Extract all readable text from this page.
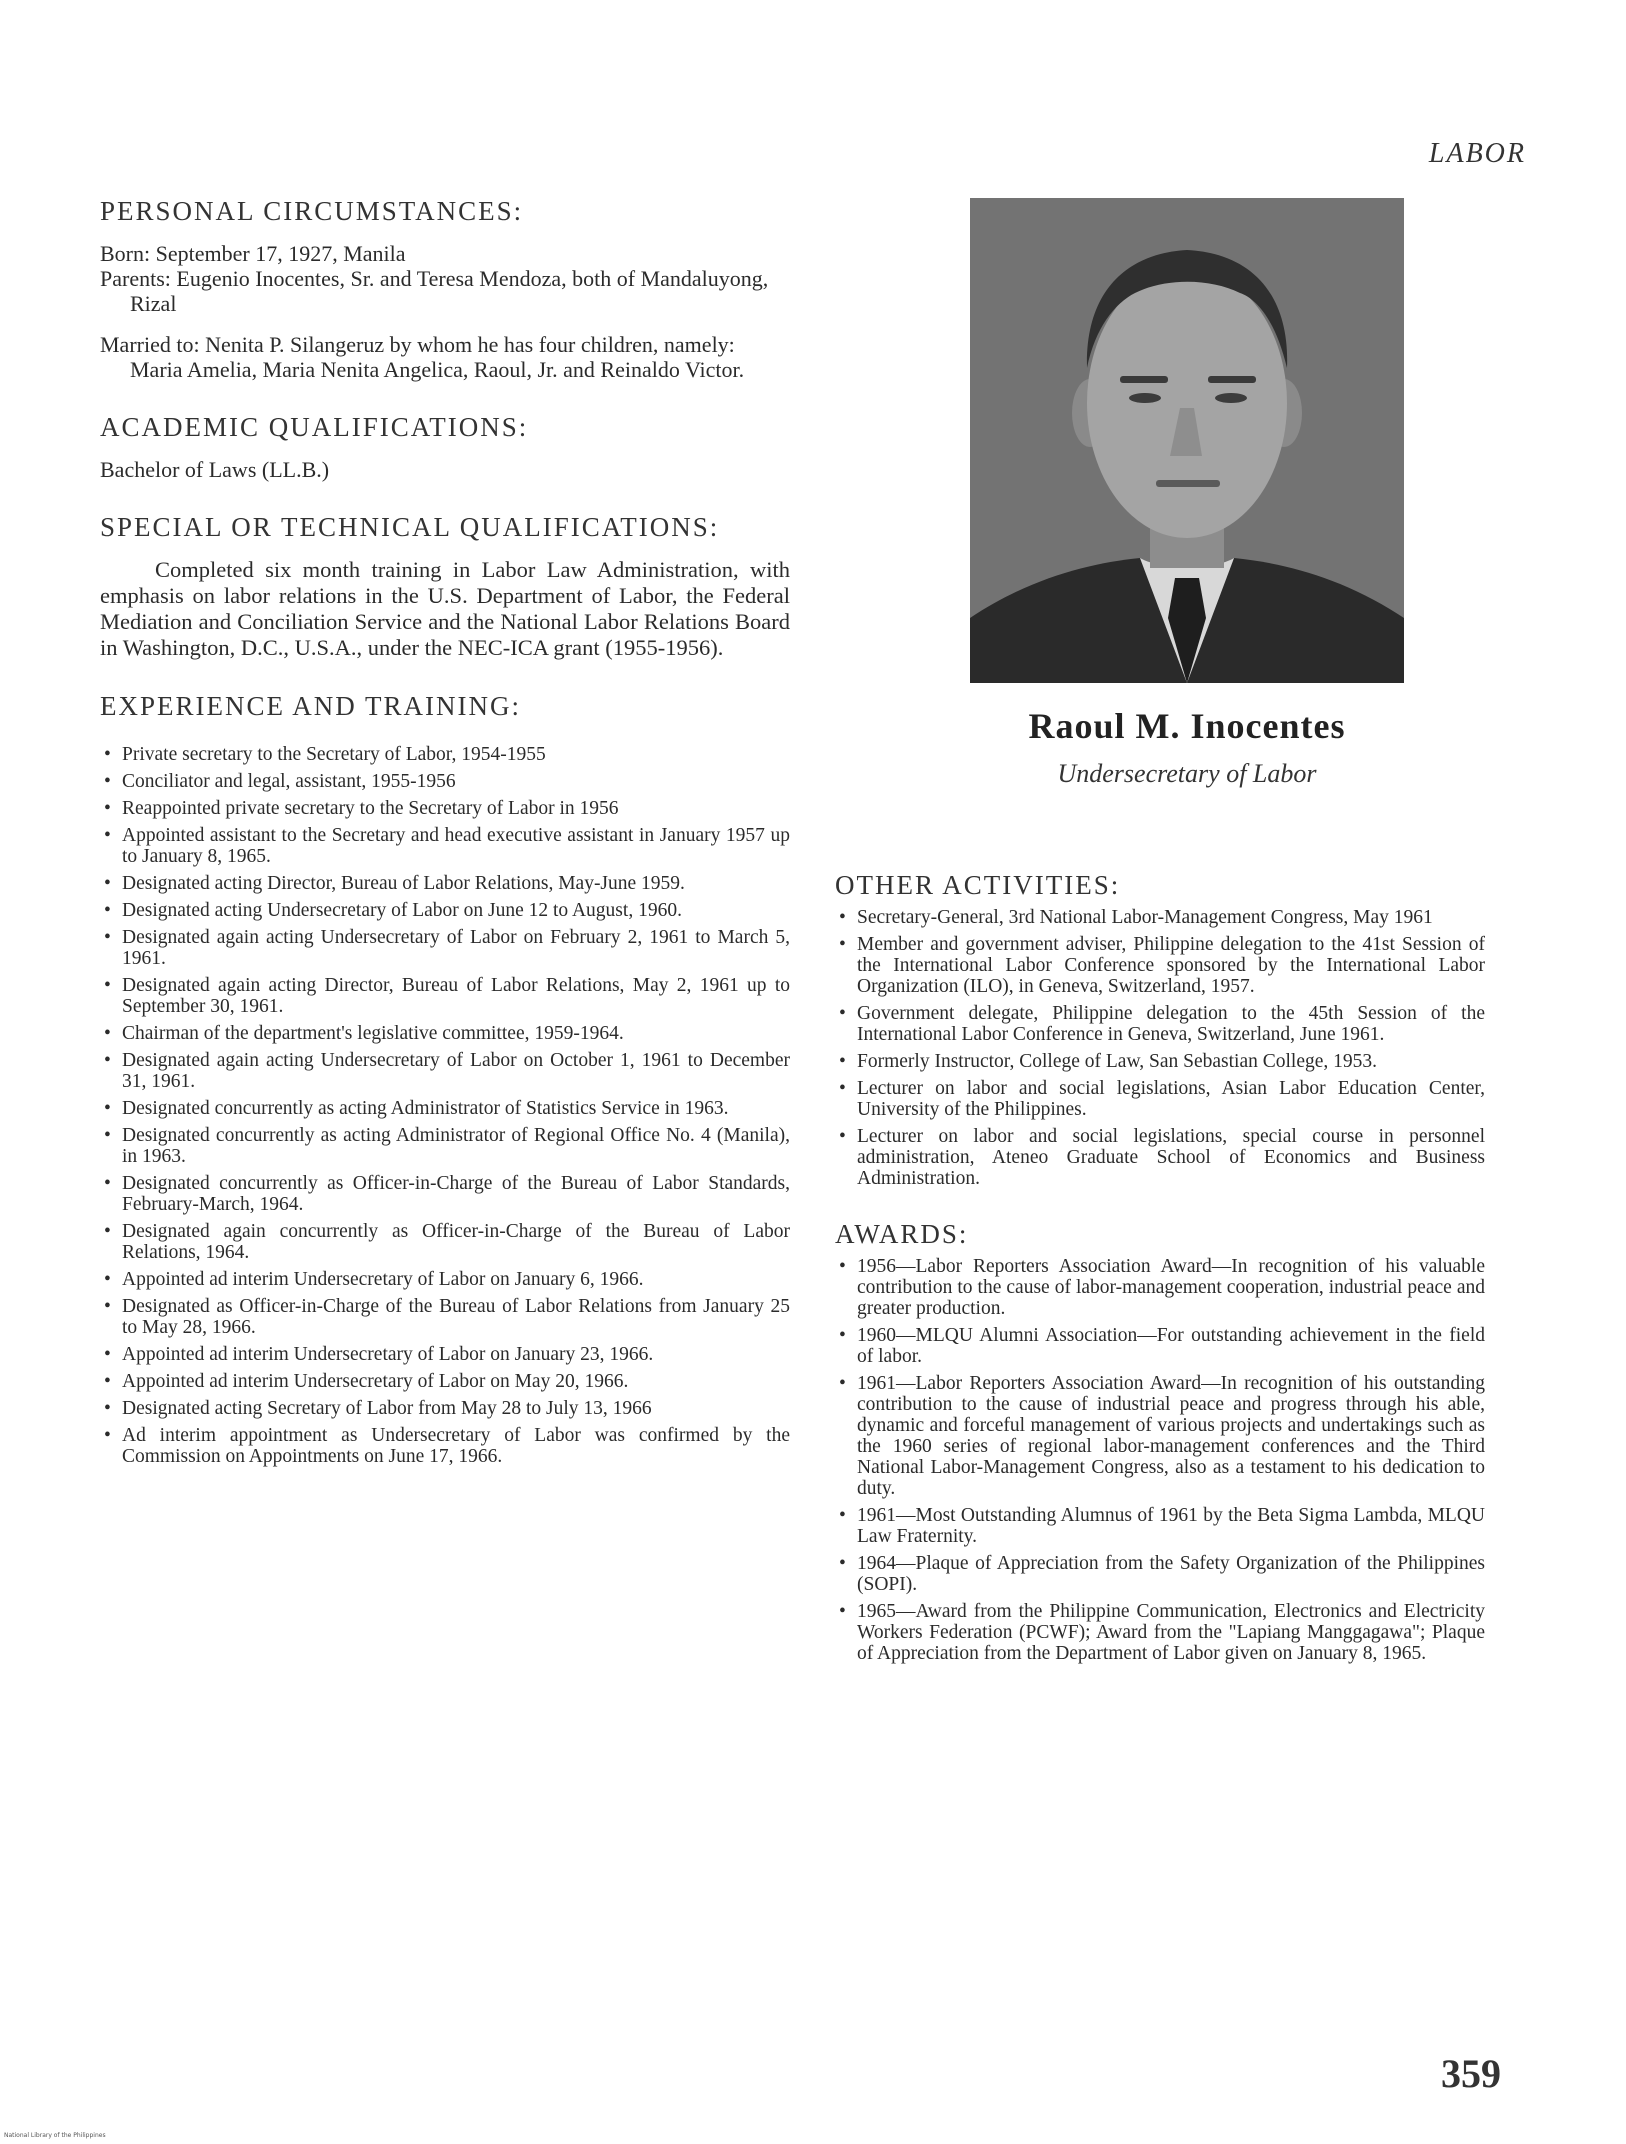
LABOR
PERSONAL CIRCUMSTANCES:

Born: September 17, 1927, Manila

Parents: Eugenio Inocentes, Sr. and Teresa Mendoza, both of Mandaluyong, Rizal

Married to: Nenita P. Silangeruz by whom he has four children, namely: Maria Amelia, Maria Nenita Angelica, Raoul, Jr. and Reinaldo Victor.

ACADEMIC QUALIFICATIONS:

Bachelor of Laws (LL.B.)

SPECIAL OR TECHNICAL QUALIFICATIONS:

Completed six month training in Labor Law Administration, with emphasis on labor relations in the U.S. Department of Labor, the Federal Mediation and Conciliation Service and the National Labor Relations Board in Washington, D.C., U.S.A., under the NEC-ICA grant (1955-1956).

EXPERIENCE AND TRAINING:
• Private secretary to the Secretary of Labor, 1954-1955
• Conciliator and legal, assistant, 1955-1956
• Reappointed private secretary to the Secretary of Labor in 1956
• Appointed assistant to the Secretary and head executive assistant in January 1957 up to January 8, 1965.
• Designated acting Director, Bureau of Labor Relations, May-June 1959.
• Designated acting Undersecretary of Labor on June 12 to August, 1960.
• Designated again acting Undersecretary of Labor on February 2, 1961 to March 5, 1961.
• Designated again acting Director, Bureau of Labor Relations, May 2, 1961 up to September 30, 1961.
• Chairman of the department's legislative committee, 1959-1964.
• Designated again acting Undersecretary of Labor on October 1, 1961 to December 31, 1961.
• Designated concurrently as acting Administrator of Statistics Service in 1963.
• Designated concurrently as acting Administrator of Regional Office No. 4 (Manila), in 1963.
• Designated concurrently as Officer-in-Charge of the Bureau of Labor Standards, February-March, 1964.
• Designated again concurrently as Officer-in-Charge of the Bureau of Labor Relations, 1964.
• Appointed ad interim Undersecretary of Labor on January 6, 1966.
• Designated as Officer-in-Charge of the Bureau of Labor Relations from January 25 to May 28, 1966.
• Appointed ad interim Undersecretary of Labor on January 23, 1966.
• Appointed ad interim Undersecretary of Labor on May 20, 1966.
• Designated acting Secretary of Labor from May 28 to July 13, 1966
• Ad interim appointment as Undersecretary of Labor was confirmed by the Commission on Appointments on June 17, 1966.

Raoul M. Inocentes

Undersecretary of Labor

OTHER ACTIVITIES:
• Secretary-General, 3rd National Labor-Management Congress, May 1961
• Member and government adviser, Philippine delegation to the 41st Session of the International Labor Conference sponsored by the International Labor Organization (ILO), in Geneva, Switzerland, 1957.
• Government delegate, Philippine delegation to the 45th Session of the International Labor Conference in Geneva, Switzerland, June 1961.
• Formerly Instructor, College of Law, San Sebastian College, 1953.
• Lecturer on labor and social legislations, Asian Labor Education Center, University of the Philippines.
• Lecturer on labor and social legislations, special course in personnel administration, Ateneo Graduate School of Economics and Business Administration.
AWARDS:
• 1956—Labor Reporters Association Award—In recognition of his valuable contribution to the cause of labor-management cooperation, industrial peace and greater production.
• 1960—MLQU Alumni Association—For outstanding achievement in the field of labor.
• 1961—Labor Reporters Association Award—In recognition of his outstanding contribution to the cause of industrial peace and progress through his able, dynamic and forceful management of various projects and undertakings such as the 1960 series of regional labor-management conferences and the Third National Labor-Management Congress, also as a testament to his dedication to duty.
• 1961—Most Outstanding Alumnus of 1961 by the Beta Sigma Lambda, MLQU Law Fraternity.
• 1964—Plaque of Appreciation from the Safety Organization of the Philippines (SOPI).
• 1965—Award from the Philippine Communication, Electronics and Electricity Workers Federation (PCWF); Award from the "Lapiang Manggagawa"; Plaque of Appreciation from the Department of Labor given on January 8, 1965.
359
National Library of the Philippines
